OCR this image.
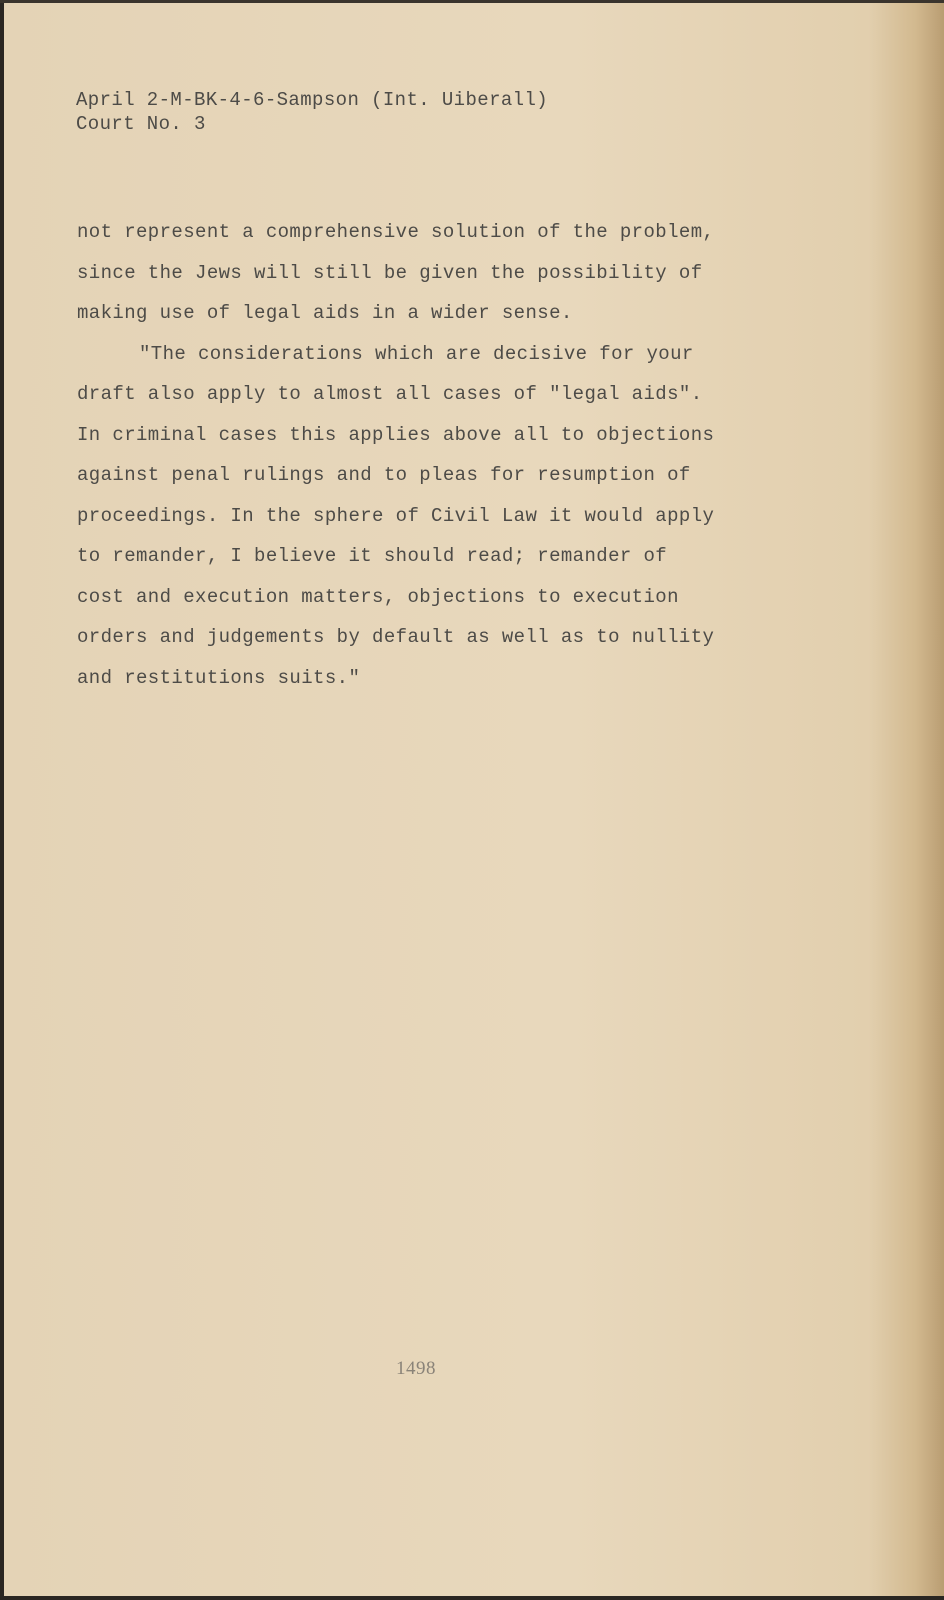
April 2-M-BK-4-6-Sampson (Int. Uiberall)
Court No. 3
not represent a comprehensive solution of the problem,
since the Jews will still be given the possibility of
making use of legal aids in a wider sense.
"The considerations which are decisive for your
draft also apply to almost all cases of "legal aids".
In criminal cases this applies above all to objections
against penal rulings and to pleas for resumption of
proceedings. In the sphere of Civil Law it would apply
to remander, I believe it should read; remander of
cost and execution matters, objections to execution
orders and judgements by default as well as to nullity
and restitutions suits."
1498
